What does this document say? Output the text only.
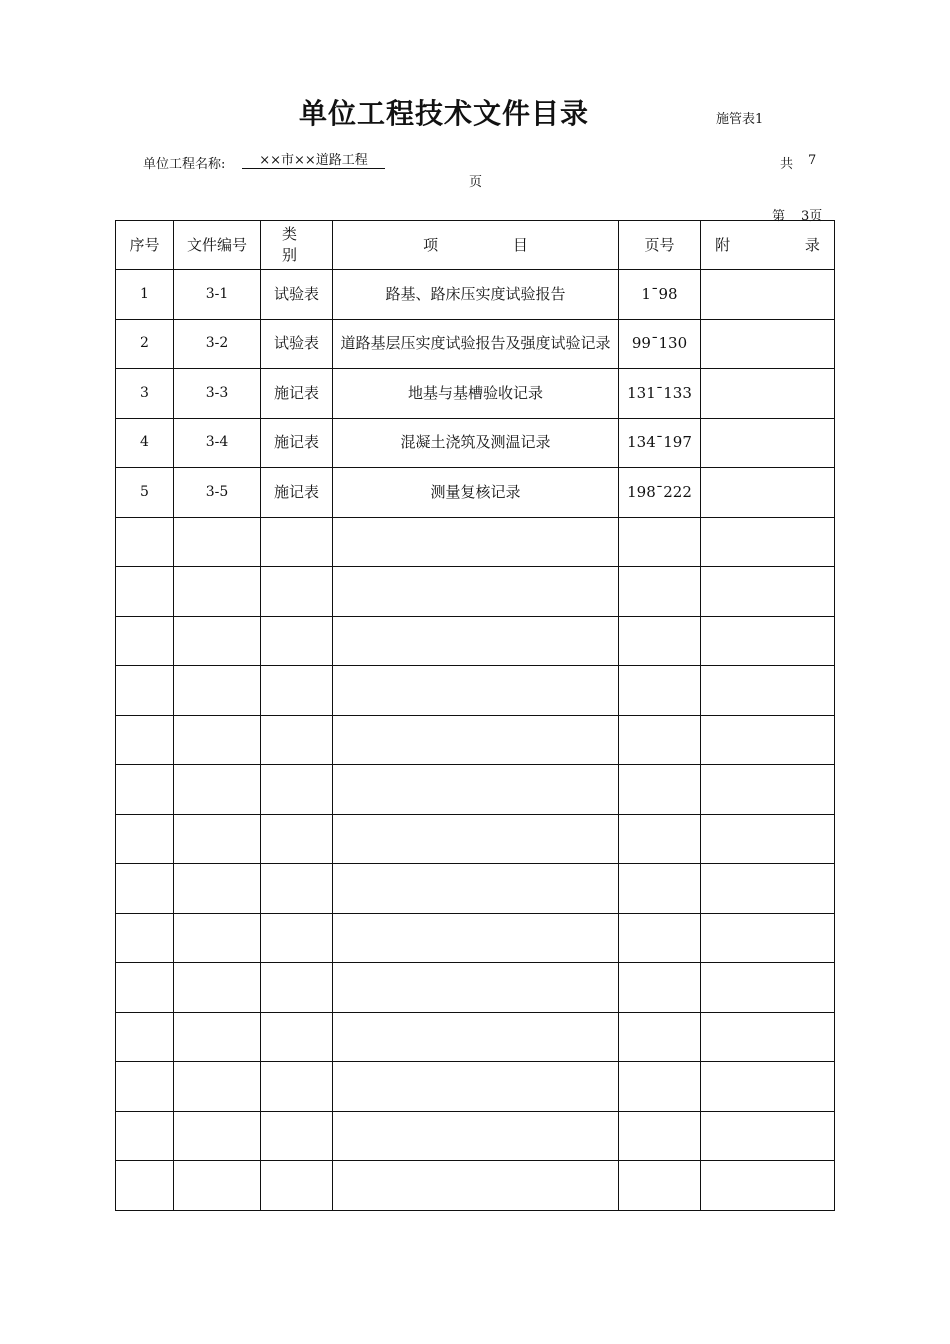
单位工程技术文件目录	施管表1
单位工程名称:	××市××道路工程	共 7
页
第 3页
序号	文件编号	类 别	项 目	页号	附 录
1	3-1	试验表	路基、路床压实度试验报告	1¯98	
2	3-2	试验表	道路基层压实度试验报告及强度试验记录	99¯130	
3	3-3	施记表	地基与基槽验收记录	131¯133	
4	3-4	施记表	混凝土浇筑及测温记录	134¯197	
5	3-5	施记表	测量复核记录	198¯222	
